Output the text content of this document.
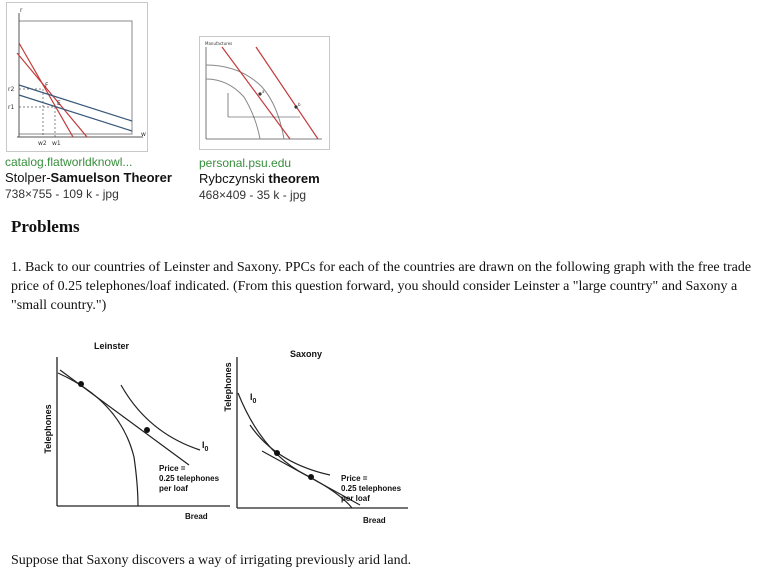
r
w
r2
r1
w2 w1
F
E
catalog.flatworldknowl...
Stolper-Samuelson Theorer
738×755 - 109 k - jpg
Manufactures
a
b
personal.psu.edu
Rybczynski theorem
468×409 - 35 k - jpg
Problems
1. Back to our countries of Leinster and Saxony. PPCs for each of the countries are drawn on the following graph with the free trade price of 0.25 telephones/loaf indicated. (From this question forward, you should consider Leinster a "large country" and Saxony a "small country.")
Leinster
Telephones
Bread
$I_0$
Price =
0.25 telephones
per loaf
Saxony
Telephones
Bread
$I_0$
Price =
0.25 telephones
per loaf
Suppose that Saxony discovers a way of irrigating previously arid land.
